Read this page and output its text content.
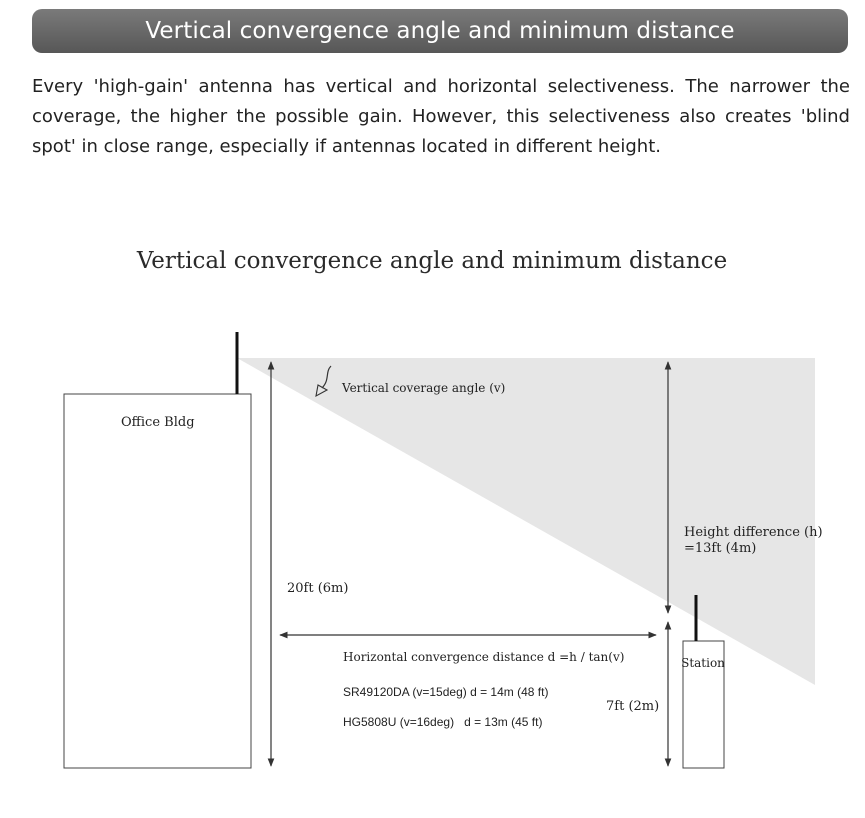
Vertical convergence angle and minimum distance
Every 'high-gain' antenna has vertical and horizontal selectiveness. The narrower the coverage, the higher the possible gain. However, this selectiveness also creates 'blind spot' in close range, especially if antennas located in different height.
Vertical convergence angle and minimum distance
Office Bldg
Station
20ft (6m)
Height difference (h)
=13ft (4m)
7ft (2m)
Horizontal convergence distance d =h / tan(v)
SR49120DA (v=15deg) d = 14m (48 ft)
HG5808U (v=16deg)   d = 13m (45 ft)
Vertical coverage angle (v)
